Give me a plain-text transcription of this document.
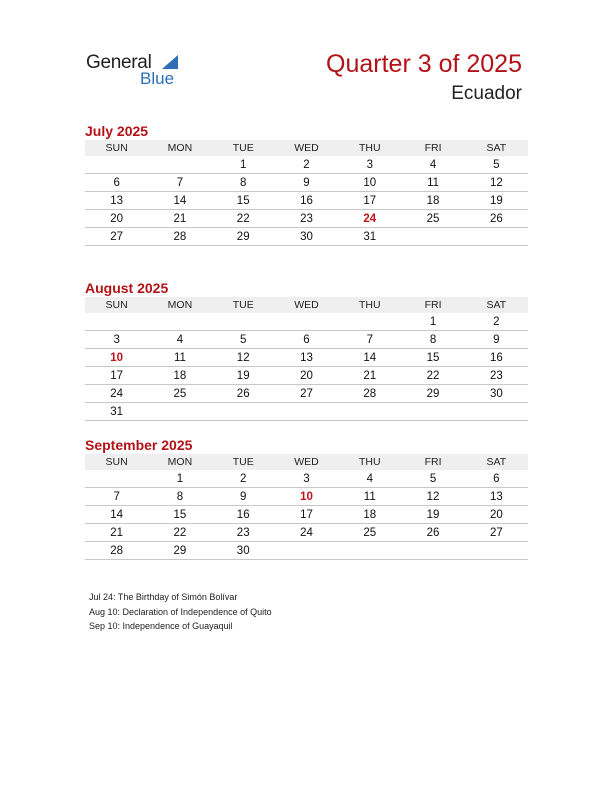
General
Blue
Quarter 3 of 2025
Ecuador
July 2025
SUN	MON	TUE	WED	THU	FRI	SAT
		1	2	3	4	5
6	7	8	9	10	11	12
13	14	15	16	17	18	19
20	21	22	23	24	25	26
27	28	29	30	31		
August 2025
SUN	MON	TUE	WED	THU	FRI	SAT
					1	2
3	4	5	6	7	8	9
10	11	12	13	14	15	16
17	18	19	20	21	22	23
24	25	26	27	28	29	30
31						
September 2025
SUN	MON	TUE	WED	THU	FRI	SAT
	1	2	3	4	5	6
7	8	9	10	11	12	13
14	15	16	17	18	19	20
21	22	23	24	25	26	27
28	29	30				
Jul 24: The Birthday of Simón Bolívar
Aug 10: Declaration of Independence of Quito
Sep 10: Independence of Guayaquil
